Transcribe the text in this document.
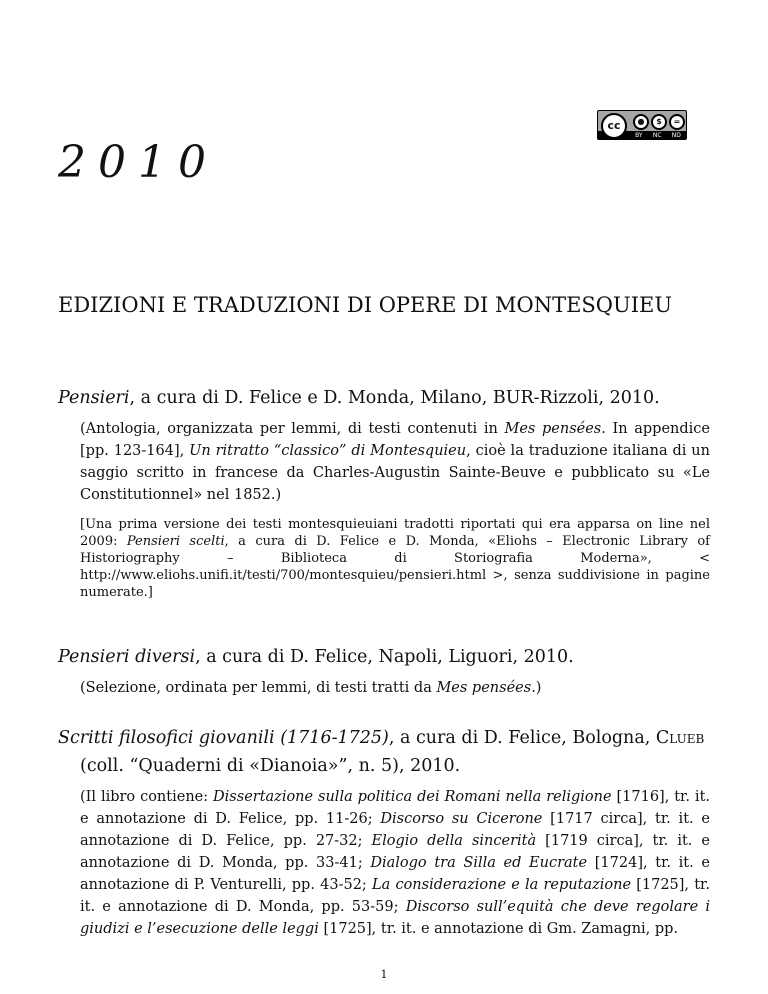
cc	●	$	=
BY NC ND
2010
EDIZIONI E TRADUZIONI DI OPERE DI MONTESQUIEU

Pensieri, a cura di D. Felice e D. Monda, Milano, BUR-Rizzoli, 2010.

(Antologia, organizzata per lemmi, di testi contenuti in Mes pensées. In appendice [pp. 123-164], Un ritratto “classico” di Montesquieu, cioè la traduzione italiana di un saggio scritto in francese da Charles-Augustin Sainte-Beuve e pubblicato su «Le Constitutionnel» nel 1852.)

[Una prima versione dei testi montesquieuiani tradotti riportati qui era apparsa on line nel 2009: Pensieri scelti, a cura di D. Felice e D. Monda, «Eliohs – Electronic Library of Historiography – Biblioteca di Storiografia Moderna», < http://www.eliohs.unifi.it/testi/700/montesquieu/pensieri.html >, senza suddivisione in pagine numerate.]

Pensieri diversi, a cura di D. Felice, Napoli, Liguori, 2010.

(Selezione, ordinata per lemmi, di testi tratti da Mes pensées.)

Scritti filosofici giovanili (1716-1725), a cura di D. Felice, Bologna, Clueb (coll. “Quaderni di «Dianoia»”, n. 5), 2010.

(Il libro contiene: Dissertazione sulla politica dei Romani nella religione [1716], tr. it. e annotazione di D. Felice, pp. 11-26; Discorso su Cicerone [1717 circa], tr. it. e annotazione di D. Felice, pp. 27-32; Elogio della sincerità [1719 circa], tr. it. e annotazione di D. Monda, pp. 33-41; Dialogo tra Silla ed Eucrate [1724], tr. it. e annotazione di P. Venturelli, pp. 43-52; La considerazione e la reputazione [1725], tr. it. e annotazione di D. Monda, pp. 53-59; Discorso sull’equità che deve regolare i giudizi e l’esecuzione delle leggi [1725], tr. it. e annotazione di Gm. Zamagni, pp.

1
